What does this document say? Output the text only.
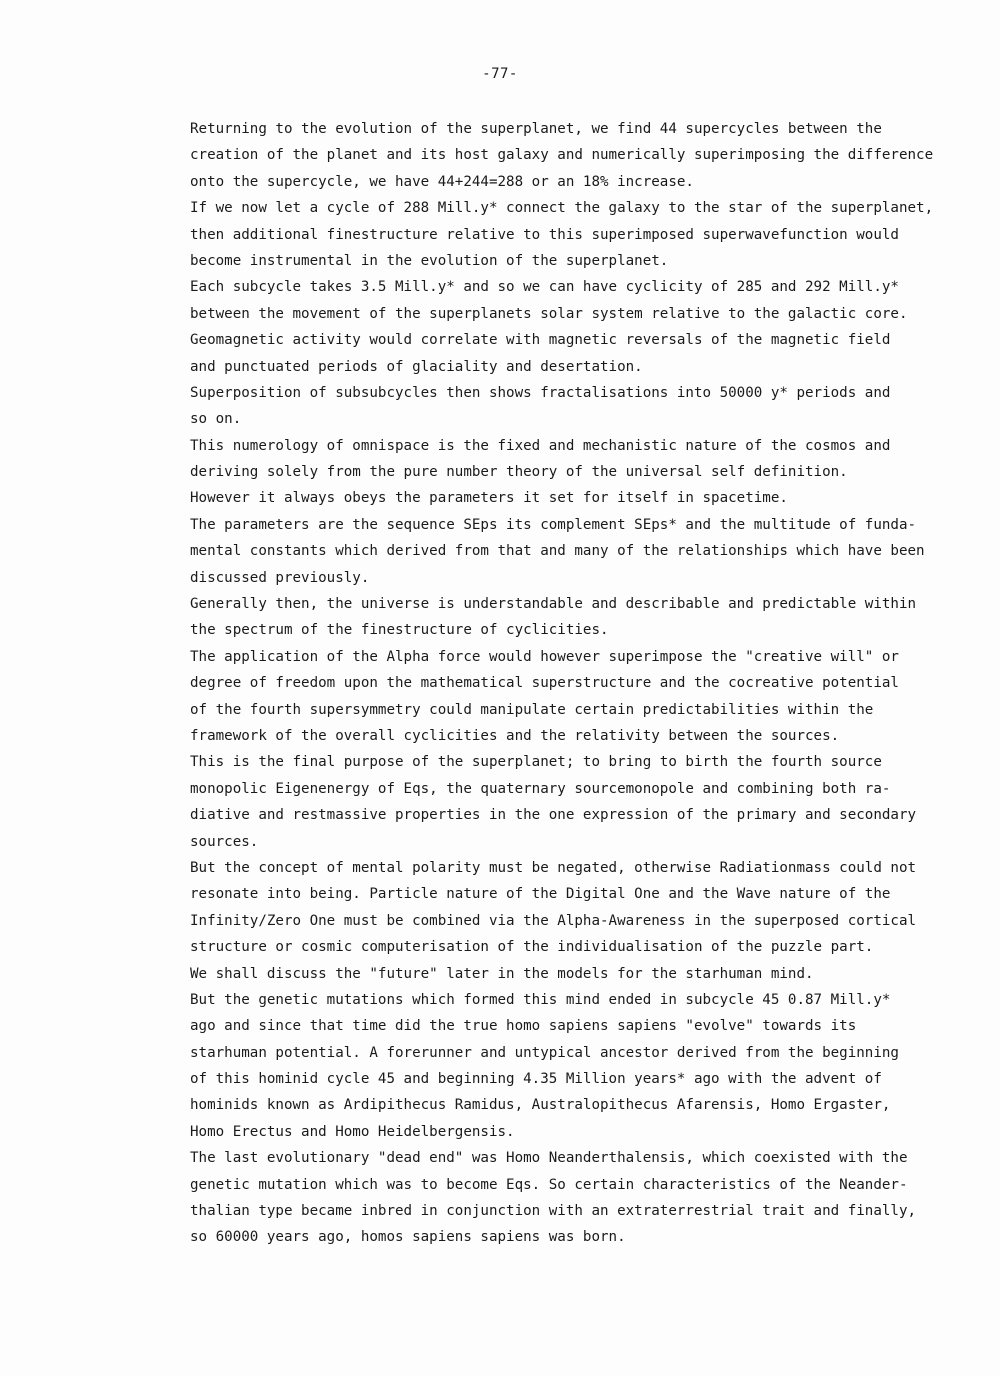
-77-
Returning to the evolution of the superplanet, we find 44 supercycles between the
creation of the planet and its host galaxy and numerically superimposing the difference
onto the supercycle, we have 44+244=288 or an 18% increase.
If we now let a cycle of 288 Mill.y* connect the galaxy to the star of the superplanet,
then additional finestructure relative to this superimposed superwavefunction would
become instrumental in the evolution of the superplanet.
Each subcycle takes 3.5 Mill.y* and so we can have cyclicity of 285 and 292 Mill.y*
between the movement of the superplanets solar system relative to the galactic core.
Geomagnetic activity would correlate with magnetic reversals of the magnetic field
and punctuated periods of glaciality and desertation.
Superposition of subsubcycles then shows fractalisations into 50000 y* periods and
so on.
This numerology of omnispace is the fixed and mechanistic nature of the cosmos and
deriving solely from the pure number theory of the universal self definition.
However it always obeys the parameters it set for itself in spacetime.
The parameters are the sequence SEps its complement SEps* and the multitude of funda-
mental constants which derived from that and many of the relationships which have been
discussed previously.
Generally then, the universe is understandable and describable and predictable within
the spectrum of the finestructure of cyclicities.
The application of the Alpha force would however superimpose the "creative will" or
degree of freedom upon the mathematical superstructure and the cocreative potential
of the fourth supersymmetry could manipulate certain predictabilities within the
framework of the overall cyclicities and the relativity between the sources.
This is the final purpose of the superplanet; to bring to birth the fourth source
monopolic Eigenenergy of Eqs, the quaternary sourcemonopole and combining both ra-
diative and restmassive properties in the one expression of the primary and secondary
sources.
But the concept of mental polarity must be negated, otherwise Radiationmass could not
resonate into being. Particle nature of the Digital One and the Wave nature of the
Infinity/Zero One must be combined via the Alpha-Awareness in the superposed cortical
structure or cosmic computerisation of the individualisation of the puzzle part.
We shall discuss the "future" later in the models for the starhuman mind.
But the genetic mutations which formed this mind ended in subcycle 45 0.87 Mill.y*
ago and since that time did the true homo sapiens sapiens "evolve" towards its
starhuman potential. A forerunner and untypical ancestor derived from the beginning
of this hominid cycle 45 and beginning 4.35 Million years* ago with the advent of
hominids known as Ardipithecus Ramidus, Australopithecus Afarensis, Homo Ergaster,
Homo Erectus and Homo Heidelbergensis.
The last evolutionary "dead end" was Homo Neanderthalensis, which coexisted with the
genetic mutation which was to become Eqs. So certain characteristics of the Neander-
thalian type became inbred in conjunction with an extraterrestrial trait and finally,
so 60000 years ago, homos sapiens sapiens was born.
